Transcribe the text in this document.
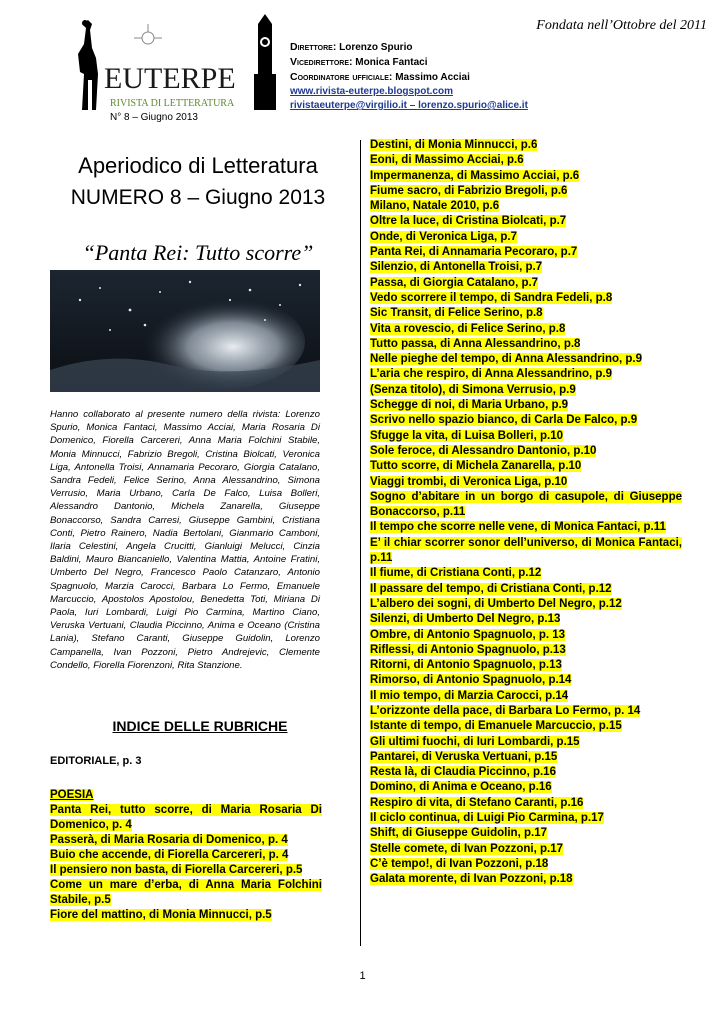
Fondata nell’Ottobre del 2011
EUTERPE
RIVISTA DI LETTERATURA
N° 8 – Giugno 2013
Direttore: Lorenzo Spurio
Vicedirettore: Monica Fantaci
Coordinatore ufficiale: Massimo Acciai
www.rivista-euterpe.blogspot.com
rivistaeuterpe@virgilio.it – lorenzo.spurio@alice.it
Aperiodico di Letteratura
NUMERO 8 – Giugno 2013
“Panta Rei: Tutto scorre”
Hanno collaborato al presente numero della rivista: Lorenzo Spurio, Monica Fantaci, Massimo Acciai, Maria Rosaria Di Domenico, Fiorella Carcereri, Anna Maria Folchini Stabile, Monia Minnucci, Fabrizio Bregoli, Cristina Biolcati, Veronica Liga, Antonella Troisi, Annamaria Pecoraro, Giorgia Catalano, Sandra Fedeli, Felice Serino, Anna Alessandrino, Simona Verrusio, Maria Urbano, Carla De Falco, Luisa Bolleri, Alessandro Dantonio, Michela Zanarella, Giuseppe Bonaccorso, Sandra Carresi, Giuseppe Gambini, Cristiana Conti, Pietro Rainero, Nadia Bertolani, Gianmario Camboni, Ilaria Celestini, Angela Crucitti, Gianluigi Melucci, Cinzia Baldini, Mauro Biancaniello, Valentina Mattia, Antoine Fratini, Umberto Del Negro, Francesco Paolo Catanzaro, Antonio Spagnuolo, Marzia Carocci, Barbara Lo Fermo, Emanuele Marcuccio, Apostolos Apostolou, Benedetta Toti, Miriana Di Paola, Iuri Lombardi, Luigi Pio Carmina, Martino Ciano, Veruska Vertuani, Claudia Piccinno, Anima e Oceano (Cristina Lania), Stefano Caranti, Giuseppe Guidolin, Lorenzo Campanella, Ivan Pozzoni, Pietro Andrejevic, Clemente Condello, Fiorella Fiorenzoni, Rita Stanzione.
INDICE DELLE RUBRICHE
EDITORIALE, p. 3
POESIA
Panta Rei, tutto scorre, di Maria Rosaria Di Domenico, p. 4
Passerà, di Maria Rosaria di Domenico, p. 4
Buio che accende, di Fiorella Carcereri, p. 4
Il pensiero non basta, di Fiorella Carcereri, p.5
Come un mare d’erba, di Anna Maria Folchini Stabile, p.5
Fiore del mattino, di Monia Minnucci, p.5
Destini, di Monia Minnucci, p.6
Eoni, di Massimo Acciai, p.6
Impermanenza, di Massimo Acciai, p.6
Fiume sacro, di Fabrizio Bregoli, p.6
Milano, Natale 2010, p.6
Oltre la luce, di Cristina Biolcati, p.7
Onde, di Veronica Liga, p.7
Panta Rei, di Annamaria Pecoraro, p.7
Silenzio, di Antonella Troisi, p.7
Passa, di Giorgia Catalano, p.7
Vedo scorrere il tempo, di Sandra Fedeli, p.8
Sic Transit, di Felice Serino, p.8
Vita a rovescio, di Felice Serino, p.8
Tutto passa, di Anna Alessandrino, p.8
Nelle pieghe del tempo, di Anna Alessandrino, p.9
L’aria che respiro, di Anna Alessandrino, p.9
(Senza titolo), di Simona Verrusio, p.9
Schegge di noi, di Maria Urbano, p.9
Scrivo nello spazio bianco, di Carla De Falco, p.9
Sfugge la vita, di Luisa Bolleri, p.10
Sole feroce, di Alessandro Dantonio, p.10
Tutto scorre, di Michela Zanarella, p.10
Viaggi trombi, di Veronica Liga, p.10
Sogno d’abitare in un borgo di casupole, di Giuseppe Bonaccorso, p.11
Il tempo che scorre nelle vene, di Monica Fantaci, p.11
E’ il chiar scorrer sonor dell’universo, di Monica Fantaci, p.11
Il fiume, di Cristiana Conti, p.12
Il passare del tempo, di Cristiana Conti, p.12
L’albero dei sogni, di Umberto Del Negro, p.12
Silenzi, di Umberto Del Negro, p.13
Ombre, di Antonio Spagnuolo, p. 13
Riflessi, di Antonio Spagnuolo, p.13
Ritorni, di Antonio Spagnuolo, p.13
Rimorso, di Antonio Spagnuolo, p.14
Il mio tempo, di Marzia Carocci, p.14
L’orizzonte della pace, di Barbara Lo Fermo, p. 14
Istante di tempo, di Emanuele Marcuccio, p.15
Gli ultimi fuochi, di Iuri Lombardi, p.15
Pantarei, di Veruska Vertuani, p.15
Resta là, di Claudia Piccinno, p.16
Domino, di Anima e Oceano, p.16
Respiro di vita, di Stefano Caranti, p.16
Il ciclo continua, di Luigi Pio Carmina, p.17
Shift, di Giuseppe Guidolin, p.17
Stelle comete, di Ivan Pozzoni, p.17
C’è tempo!, di Ivan Pozzoni, p.18
Galata morente, di Ivan Pozzoni, p.18
1
